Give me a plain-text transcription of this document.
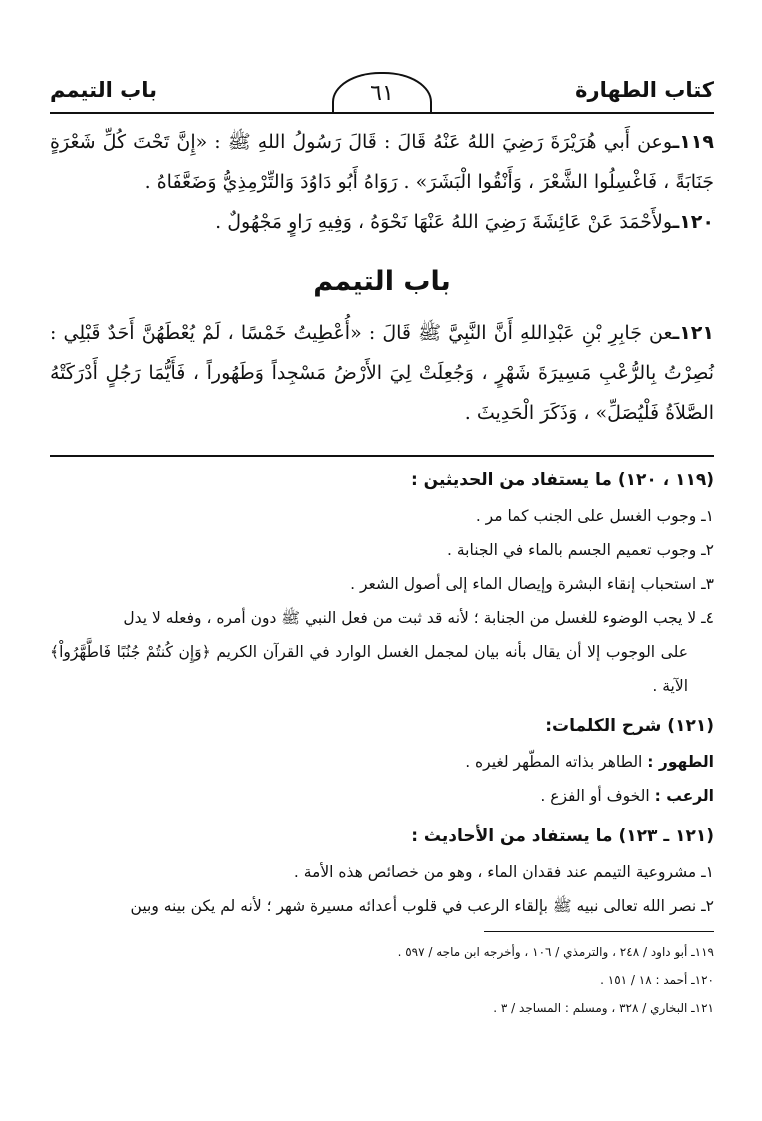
كتاب الطهارة
٦١
باب التيمم

١١٩ـوعن أَبي هُرَيْرَةَ رَضِيَ اللهُ عَنْهُ قَالَ : قَالَ رَسُولُ اللهِ ﷺ : «إِنَّ تَحْتَ كُلِّ شَعْرَةٍ جَنَابَةً ، فَاغْسِلُوا الشَّعْرَ ، وَأَنْقُوا الْبَشَرَ» . رَوَاهُ أَبُو دَاوُدَ وَالتِّرْمِذِيُّ وَضَعَّفَاهُ .

١٢٠ـولأَحْمَدَ عَنْ عَائِشَةَ رَضِيَ اللهُ عَنْهَا نَحْوَهُ ، وَفِيهِ رَاوٍ مَجْهُولٌ .

باب التيمم

١٢١ـعن جَابِرِ بْنِ عَبْدِاللهِ أَنَّ النَّبِيَّ ﷺ قَالَ : «أُعْطِيتُ خَمْسًا ، لَمْ يُعْطَهُنَّ أَحَدٌ قَبْلِي : نُصِرْتُ بِالرُّعْبِ مَسِيرَةَ شَهْرٍ ، وَجُعِلَتْ لِيَ الأَرْضُ مَسْجِداً وَطَهُوراً ، فَأَيُّمَا رَجُلٍ أَدْرَكَتْهُ الصَّلاَةُ فَلْيُصَلِّ» ، وَذَكَرَ الْحَدِيثَ .

(١١٩ ، ١٢٠) ما يستفاد من الحديثين :

١ـ وجوب الغسل على الجنب كما مر .

٢ـ وجوب تعميم الجسم بالماء في الجنابة .

٣ـ استحباب إنقاء البشرة وإيصال الماء إلى أصول الشعر .

٤ـ لا يجب الوضوء للغسل من الجنابة ؛ لأنه قد ثبت من فعل النبي ﷺ دون أمره ، وفعله لا يدل

على الوجوب إلا أن يقال بأنه بيان لمجمل الغسل الوارد في القرآن الكريم ﴿وَإِن كُنتُمْ جُنُبًا فَاطَّهَّرُواْ﴾ الآية .

(١٢١) شرح الكلمات:

الطهور : الطاهر بذاته المطّهر لغيره .

الرعب : الخوف أو الفزع .

(١٢١ ـ ١٢٣) ما يستفاد من الأحاديث :

١ـ مشروعية التيمم عند فقدان الماء ، وهو من خصائص هذه الأمة .

٢ـ نصر الله تعالى نبيه ﷺ بإلقاء الرعب في قلوب أعدائه مسيرة شهر ؛ لأنه لم يكن بينه وبين

١١٩ـ أبو داود / ٢٤٨ ، والترمذي / ١٠٦ ، وأخرجه ابن ماجه / ٥٩٧ .

١٢٠ـ أحمد : ١٨ / ١٥١ .

١٢١ـ البخاري / ٣٢٨ ، ومسلم : المساجد / ٣ .
